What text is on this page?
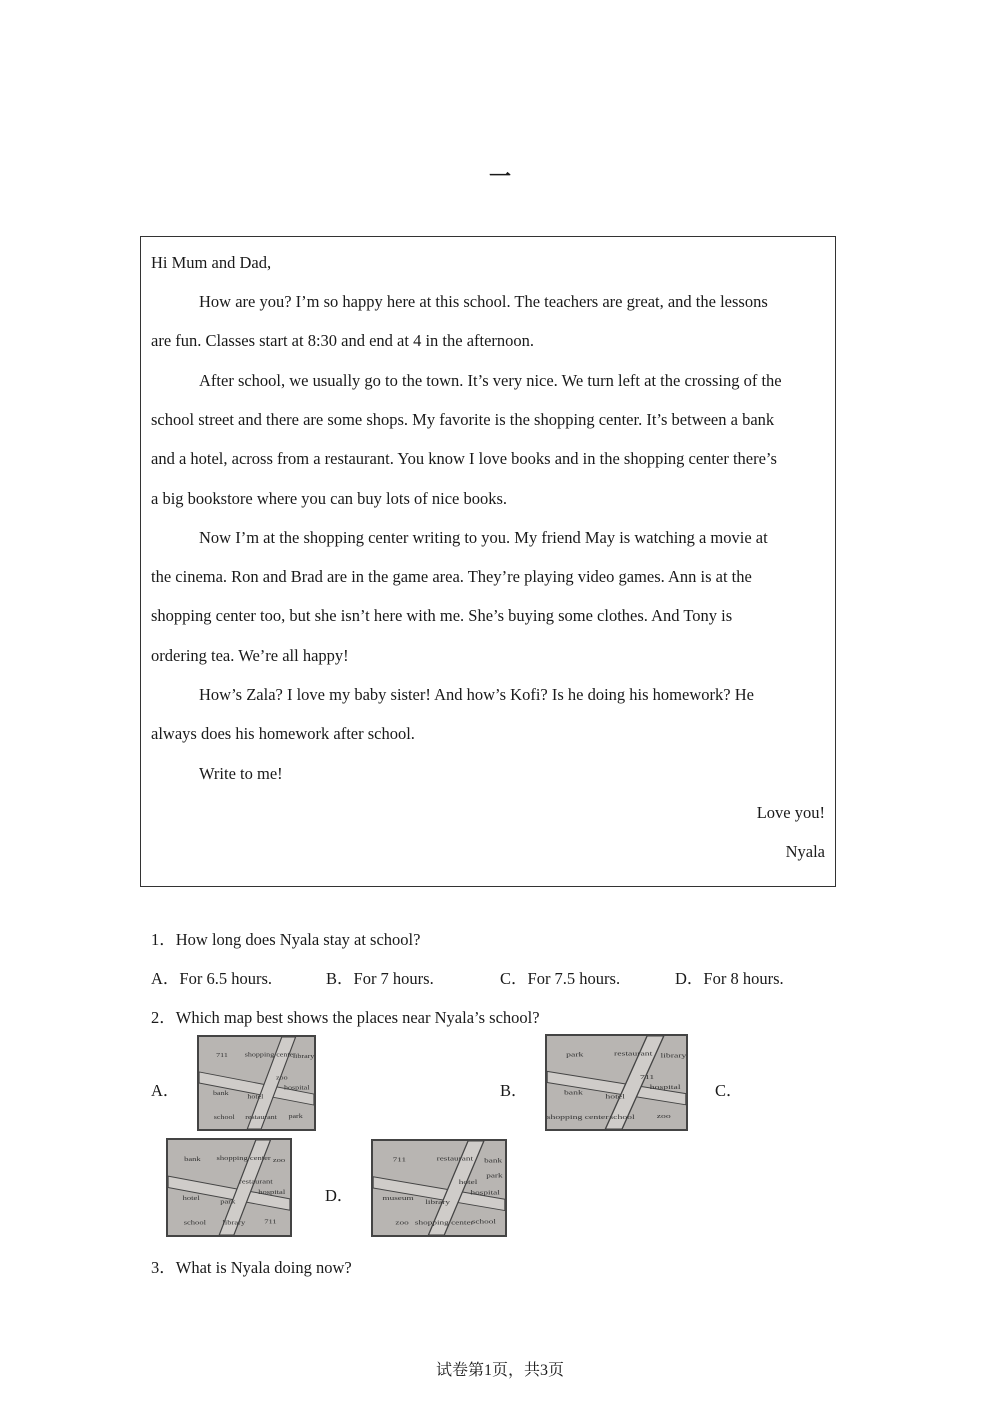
一
Hi Mum and Dad,
How are you? I’m so happy here at this school. The teachers are great, and the lessons
are fun. Classes start at 8:30 and end at 4 in the afternoon.
After school, we usually go to the town. It’s very nice. We turn left at the crossing of the
school street and there are some shops. My favorite is the shopping center. It’s between a bank
and a hotel, across from a restaurant. You know I love books and in the shopping center there’s
a big bookstore where you can buy lots of nice books.
Now I’m at the shopping center writing to you. My friend May is watching a movie at
the cinema. Ron and Brad are in the game area. They’re playing video games. Ann is at the
shopping center too, but she isn’t here with me. She’s buying some clothes. And Tony is
ordering tea. We’re all happy!
How’s Zala? I love my baby sister! And how’s Kofi? Is he doing his homework? He
always does his homework after school.
Write to me!
Love you!
Nyala
1．How long does Nyala stay at school?
A．For 6.5 hours.	B．For 7 hours.	C．For 7.5 hours.	D．For 8 hours.
2．Which map best shows the places near Nyala’s school?
A．
711 shopping center
zoo
library
hospital
bank
hotel
school restaurant park
B．
park	restaurant
711
library
hospital
bank
hotel
shopping center school	zoo
C．
bank shopping center
restaurant
zoo
hospital
hotel	park
school library	711
D．
711	restaurant
hotel
bank
hospital
museum
library
zoo shopping center
school
park
3．What is Nyala doing now?
试卷第1页，共3页
